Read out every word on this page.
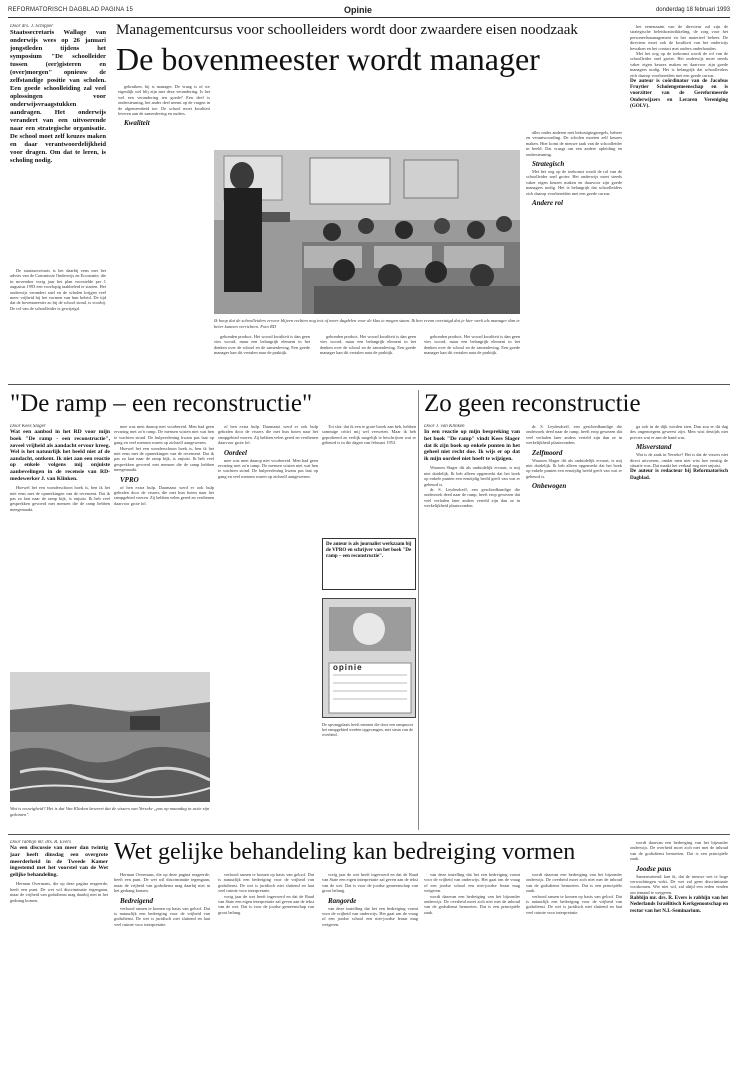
REFORMATORISCH DAGBLAD PAGINA 15	Opinie	donderdag 18 februari 1993

Door drs. J. Schipper

Staatssecretaris Wallage van onderwijs wees op 26 januari jongstleden tijdens het symposium "De schoolleider tussen (eer)gisteren en (over)morgen" opnieuw de zelfstandige positie van scholen. Een goede schoolleiding zal veel oplossingen voor onderwijsvraagstukken aandragen. Het onderwijs verandert van een uitvoerende naar een strategische organisatie. De school moet zelf keuzes maken en daar verantwoordelijkheid voor dragen. Om dat te leren, is scholing nodig.

De staatssecretaris is het daarbij eens met het advies van de Commissie Onderwijs en Economie, die in november vorig jaar het plan voorstelde per 1 augustus 1993 een voorlopig taakbeleid te starten. Het onderwijs verandert snel en de scholen krijgen veel meer vrijheid bij het vormen van hun beleid. De tijd dat de bovenmeester zo bij de school stond, is voorbij. De rol van de schoolleider is gewijzigd.

Managementcursus voor schoolleiders wordt door zwaardere eisen noodzaak
De bovenmeester wordt manager

gebruiken, bij is manager. De vraag is of we eigenlijk wel blij zijn met deze verandering. Is het wel een verandering ten goede? Een deel is ondersteuning, het ander deel neemt op de vragen in de algemeenheid toe. De school moet kwaliteit leveren aan de samenleving en ouders.

Kwaliteit

Ik hoop dat de schoolleiders ervoor blijven rechten nog iets of meer dagdelen voor de klas te mogen staan. Ik ben ervan overtuigd dat je hier werk als manager dan te beter kunnen verrichten. Foto RD

gebonden product. Het woord kwaliteit is dan geen vies woord, maar een belangrijk element in het denken over de school en de samenleving. Een goede manager kan dit vertalen naar de praktijk.

gebonden product. Het woord kwaliteit is dan geen vies woord, maar een belangrijk element in het denken over de school en de samenleving. Een goede manager kan dit vertalen naar de praktijk.

gebonden product. Het woord kwaliteit is dan geen vies woord, maar een belangrijk element in het denken over de school en de samenleving. Een goede manager kan dit vertalen naar de praktijk.

alles onder anderen met bekostigingsregels, beheer en verantwoording. De scholen moeten zelf keuzes maken. Hier komt de nieuwe taak van de schoolleider in beeld. Dat vraagt om een andere opleiding en ondersteuning.

Strategisch

Met het oog op de toekomst wordt de rol van de schoolleider snel groter. Het onderwijs moet steeds vaker eigen keuzes maken en daarvoor zijn goede managers nodig. Het is belangrijk dat schoolleiders zich daarop voorbereiden met een goede cursus.

Andere rol

het eenenzaam van de directeur zal zijn de strategische beleidsontwikkeling, de zorg voor het personeelsmanagement en het materieel beheer. De directeur moet ook de kwaliteit van het onderwijs bewaken en het contact met ouders onderhouden.

Met het oog op de toekomst wordt de rol van de schoolleider snel groter. Het onderwijs moet steeds vaker eigen keuzes maken en daarvoor zijn goede managers nodig. Het is belangrijk dat schoolleiders zich daarop voorbereiden met een goede cursus.

De auteur is coördinator van de Jacobus Fruytier Scholengemeenschap en is voorzitter van de Gereformeerde Onderwijzers en Leraren Vereniging (GOLV).

"De ramp – een reconstructie"

Door Kees Slager

Wat een aanbod in het RD voor mijn boek "De ramp - een reconstructie", zoveel vrijheid als aandacht ervoor kreeg. Wel is het natuurlijk het beeld niet af de aandacht, ontkent. Ik niet aan een reactie op enkele volgens mij onjuiste aanbevelingen in de recensie van RD-medewerker J. van Klinken.

Hoewel het een wonderschoon boek is, ben ik het niet eens met de opmerkingen van de recensent. Dat ik pas zo laat naar de ramp kijk, is onjuist. Ik heb veel gesprekken gevoerd met mensen die de ramp hebben meegemaakt.

mee was men daarop niet voorbereid. Men had geen ervaring met zo'n ramp. De mensen wisten niet wat hen te wachten stond. De hulpverlening kwam pas laat op gang en veel mensen waren op zichzelf aangewezen.

Hoewel het een wonderschoon boek is, ben ik het niet eens met de opmerkingen van de recensent. Dat ik pas zo laat naar de ramp kijk, is onjuist. Ik heb veel gesprekken gevoerd met mensen die de ramp hebben meegemaakt.

VPRO

of hen extra hulp. Daarnaast werd er ook hulp geboden door de vissers die met hun boten naar het rampgebied voeren. Zij hebben velen gered en verdienen daarvoor grote lof.

of hen extra hulp. Daarnaast werd er ook hulp geboden door de vissers die met hun boten naar het rampgebied voeren. Zij hebben velen gered en verdienen daarvoor grote lof.

Oordeel

mee was men daarop niet voorbereid. Men had geen ervaring met zo'n ramp. De mensen wisten niet wat hen te wachten stond. De hulpverlening kwam pas laat op gang en veel mensen waren op zichzelf aangewezen.

Tot slot: dat ik een te grote broek aan heb, hebben sommige critici mij wel verweten. Maar ik heb geprobeerd zo eerlijk mogelijk te beschrijven wat er gebeurd is in die dagen van februari 1953.

De auteur is als journalist werkzaam bij de VPRO en schrijver van het boek "De ramp – een reconstructie".
Wat is eeuwigheid? Het is dat Van Klinken beweert dat de vissers van Yerseke „pas op maandag in actie zijn gekomen".
Zo geen reconstructie

Door J. van Klinken

In een reactie op mijn bespreking van het boek "De ramp" vindt Kees Slager dat ik zijn boek op enkele punten in het geheel niet recht doe. Ik wijs er op dat ik mijn oordeel niet hoeft te wijzigen.

Waarom Slager dit als onduidelijk ervaart, is mij niet duidelijk. Ik heb alleen opgemerkt dat het boek op enkele punten een eenzijdig beeld geeft van wat er gebeurd is.

dr. S. Leydesdorff, een geschiedkundige die onderzoek deed naar de ramp, heeft erop gewezen dat veel verhalen later anders verteld zijn dan ze in werkelijkheid plaatsvonden.

dr. S. Leydesdorff, een geschiedkundige die onderzoek deed naar de ramp, heeft erop gewezen dat veel verhalen later anders verteld zijn dan ze in werkelijkheid plaatsvonden.

Zelfmoord

Waarom Slager dit als onduidelijk ervaart, is mij niet duidelijk. Ik heb alleen opgemerkt dat het boek op enkele punten een eenzijdig beeld geeft van wat er gebeurd is.

Onbewogen

ga ook in de dijk worden zien. Dan zou er dit dag des ongenoegens geweest zijn. Men wist destijds niet precies wat er aan de hand was.

Misverstand

Wat is de zaak in Yerseke? Het is dat de vissers niet direct uitvoeren, omdat men niet wist hoe ernstig de situatie was. Dat maakt het verhaal nog niet onjuist.

De auteur is redacteur bij Reformatorisch Dagblad.

opinie
De opvangplaats heeft mensen die door een rampsoort het rampgebied werden opgevangen, met steun van de overheid.

Door rabbijn mr. drs. R. Evers

Na een discussie van meer dan twintig jaar heeft dinsdag een overgrote meerderheid in de Tweede Kamer ingestemd met het voorstel van de Wet gelijke behandeling.

Herman Overmans, die op deze pagina reageerde, heeft een punt. De wet wil discriminatie tegengaan, maar de vrijheid van godsdienst mag daarbij niet in het gedrang komen.

Wet gelijke behandeling kan bedreiging vormen

Herman Overmans, die op deze pagina reageerde, heeft een punt. De wet wil discriminatie tegengaan, maar de vrijheid van godsdienst mag daarbij niet in het gedrang komen.

Bedreigend

verbood samen te komen op basis van geloof. Dat is natuurlijk een bedreiging voor de vrijheid van godsdienst. De wet is juridisch niet sluitend en laat veel ruimte voor interpretatie.

verbood samen te komen op basis van geloof. Dat is natuurlijk een bedreiging voor de vrijheid van godsdienst. De wet is juridisch niet sluitend en laat veel ruimte voor interpretatie.

vorig jaar de wet heeft ingevoerd en dat de Raad van State een eigen interpretatie zal geven aan de tekst van de wet. Dat is voor de joodse gemeenschap van groot belang.

vorig jaar de wet heeft ingevoerd en dat de Raad van State een eigen interpretatie zal geven aan de tekst van de wet. Dat is voor de joodse gemeenschap van groot belang.

Rangorde

van deze instelling dat het een bedreiging vormt voor de vrijheid van onderwijs. Het gaat om de vraag of een joodse school een niet-joodse leraar mag weigeren.

van deze instelling dat het een bedreiging vormt voor de vrijheid van onderwijs. Het gaat om de vraag of een joodse school een niet-joodse leraar mag weigeren.

wordt daarvan een bedreiging van het bijzonder onderwijs. De overheid moet zich niet met de inhoud van de godsdienst bemoeien. Dat is een principiële zaak.

wordt daarvan een bedreiging van het bijzonder onderwijs. De overheid moet zich niet met de inhoud van de godsdienst bemoeien. Dat is een principiële zaak.

verbood samen te komen op basis van geloof. Dat is natuurlijk een bedreiging voor de vrijheid van godsdienst. De wet is juridisch niet sluitend en laat veel ruimte voor interpretatie.

wordt daarvan een bedreiging van het bijzonder onderwijs. De overheid moet zich niet met de inhoud van de godsdienst bemoeien. Dat is een principiële zaak.

Joodse paus

Samenvattend: kan ik, dat de nieuwe wet te hoge verwachtingen wekt. De wet zal geen discriminatie voorkomen. Wie niet wil, zal altijd een reden vinden om iemand te weigeren.

Rabbijn mr. drs. R. Evers is rabbijn van het Nederlands Israëlitisch Kerkgenootschap en rector van het N.I.-Seminarium.
